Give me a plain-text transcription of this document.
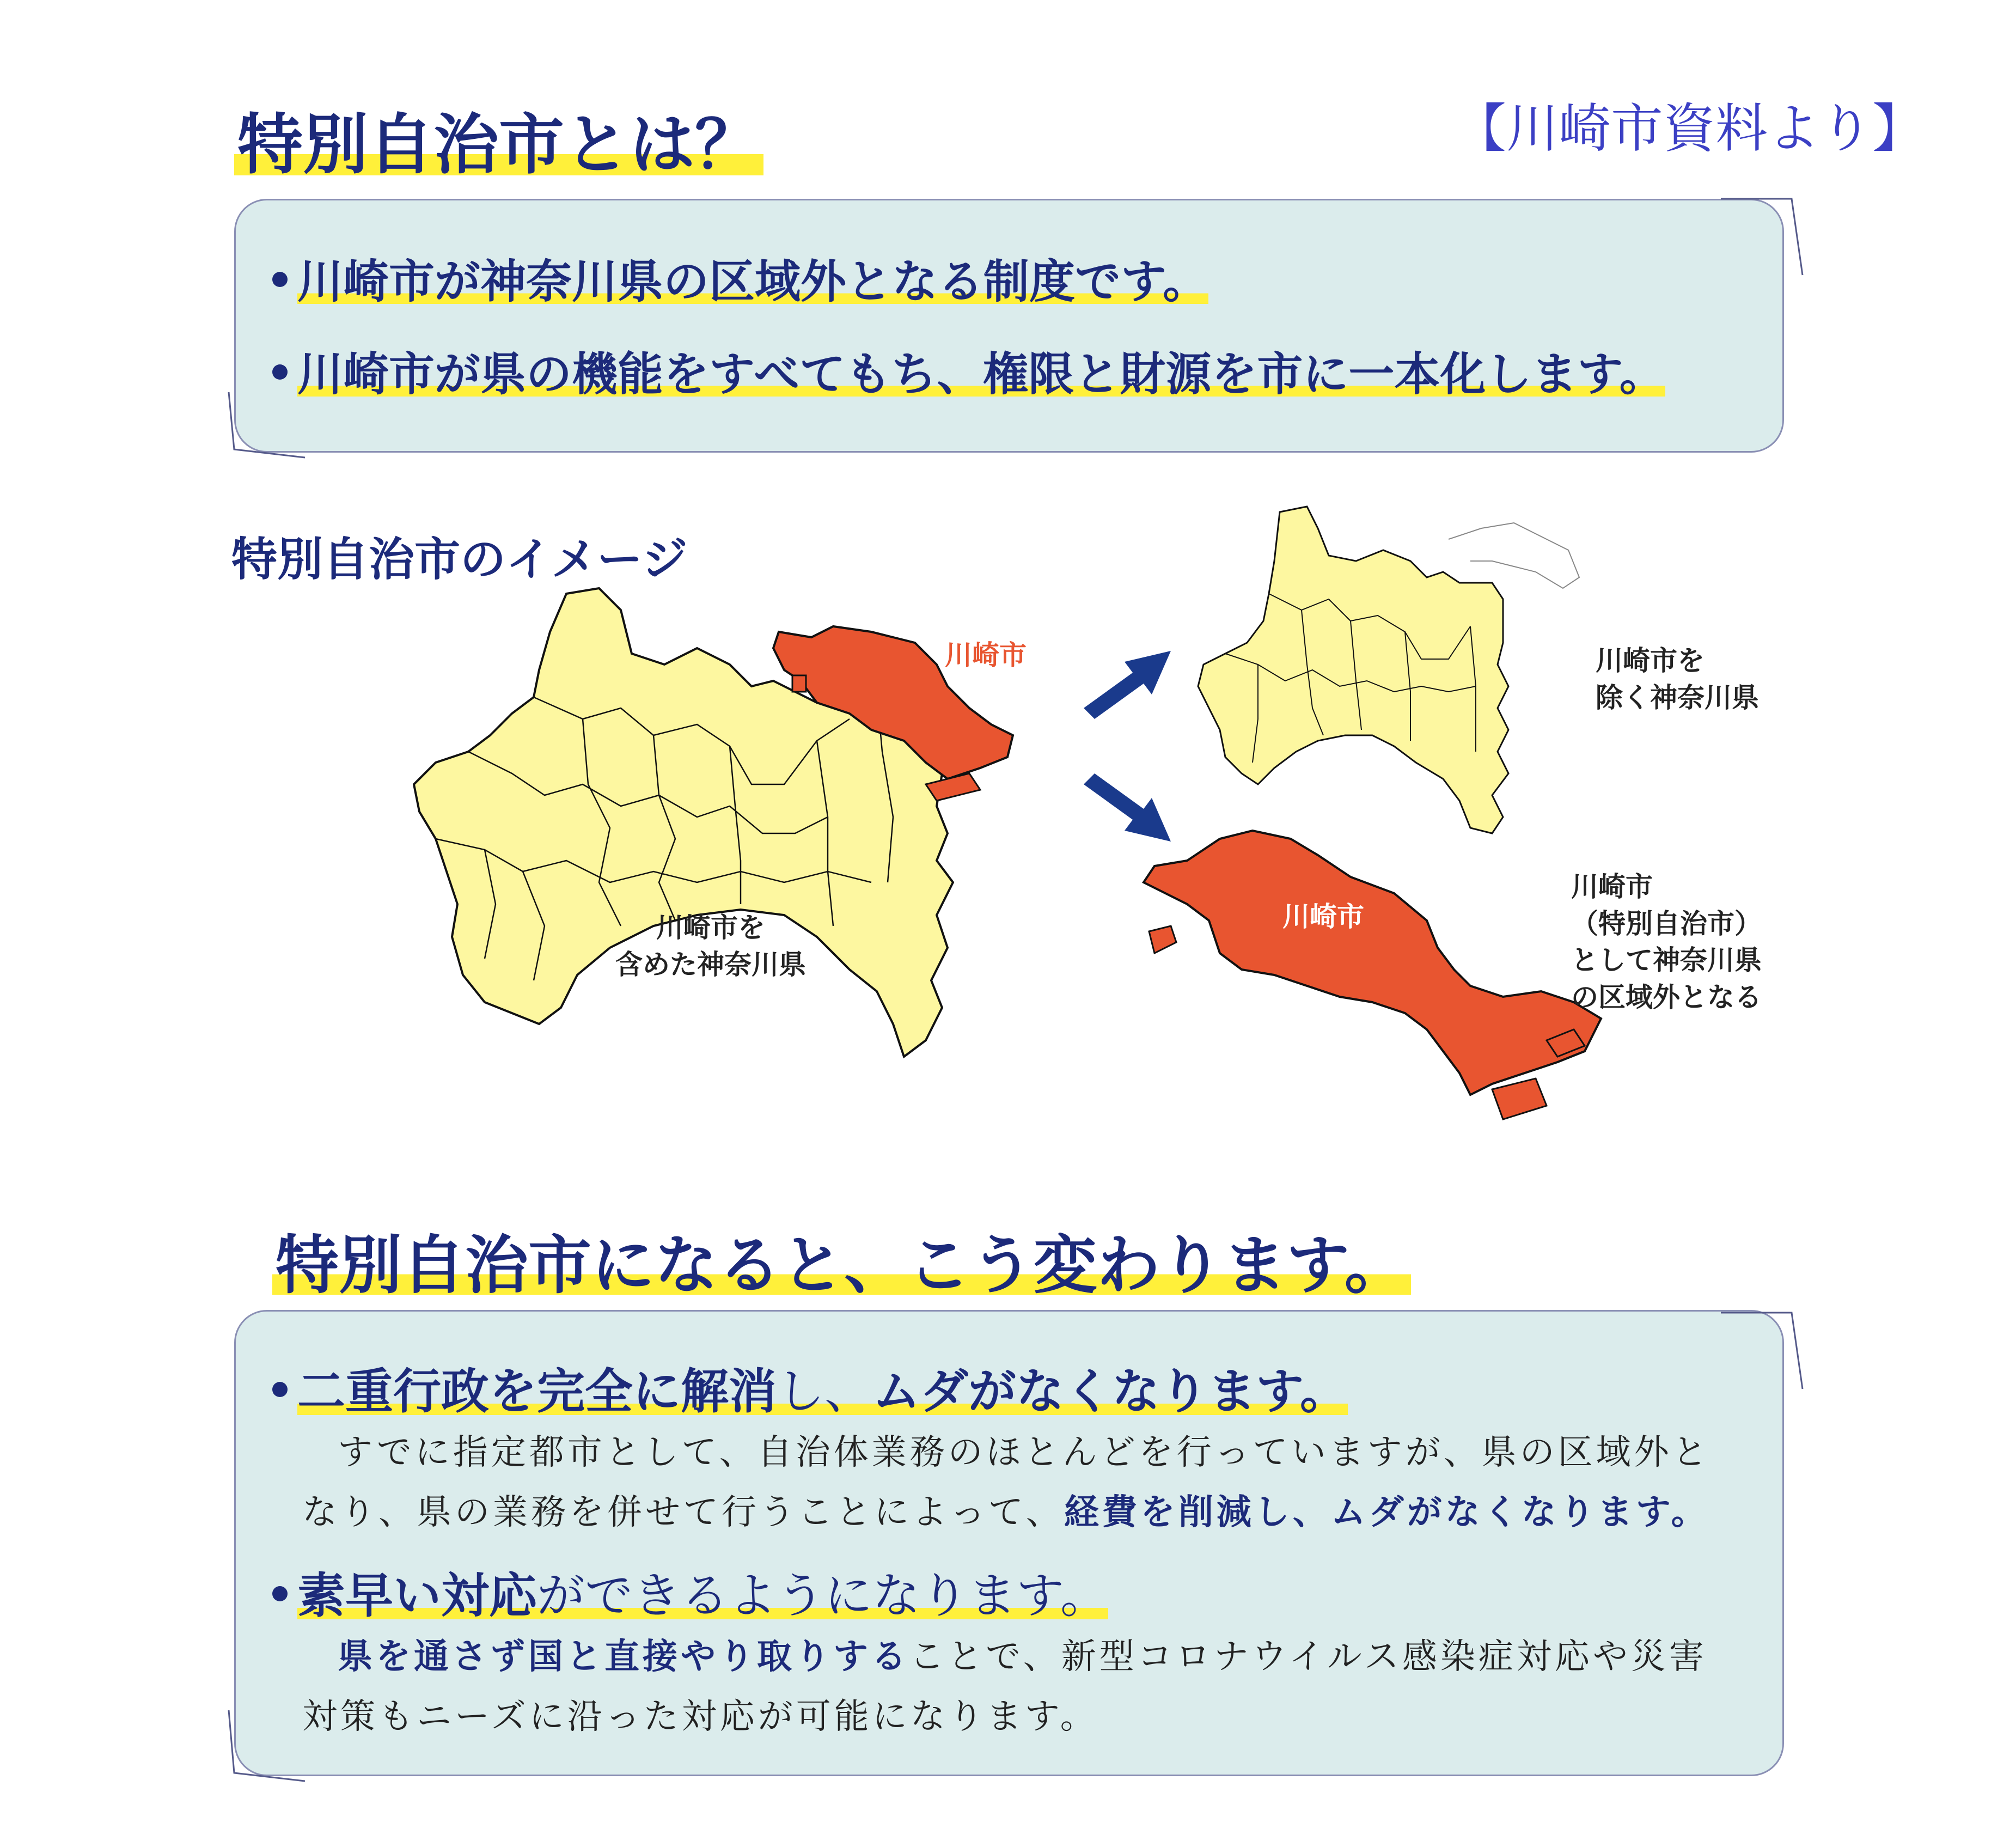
特別自治市とは？	【川崎市資料より】
川崎市が神奈川県の区域外となる制度です。
川崎市が県の機能をすべてもち、権限と財源を市に一本化します。
特別自治市のイメージ
川崎市
川崎市を
含めた神奈川県
川崎市を
除く神奈川県
川崎市
川崎市
（特別自治市）
として神奈川県
の区域外となる
特別自治市になると、こう変わります。
二重行政を完全に解消し、ムダがなくなります。
すでに指定都市として、自治体業務のほとんどを行っていますが、県の区域外と
なり、県の業務を併せて行うことによって、経費を削減し、ムダがなくなります。
素早い対応ができるようになります。
県を通さず国と直接やり取りすることで、新型コロナウイルス感染症対応や災害
対策もニーズに沿った対応が可能になります。
